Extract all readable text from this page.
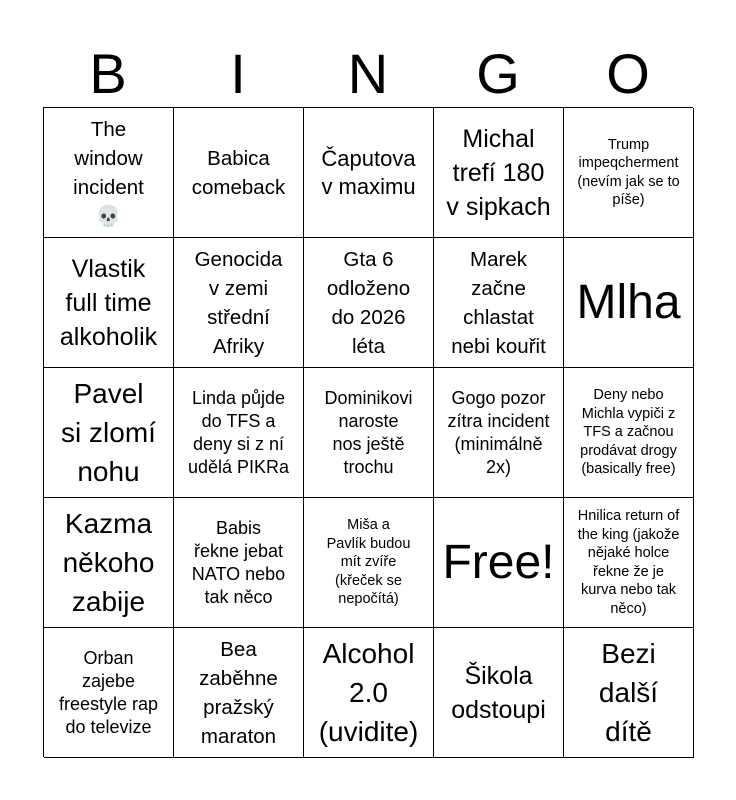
B	I	N	G	O
The
window
incident
💀
Babica
comeback
Čaputova
v maximu
Michal
trefí 180
v sipkach
Trump
impeqcherment
(nevím jak se to
píše)
Vlastik
full time
alkoholik
Genocida
v zemi
střední
Afriky
Gta 6
odloženo
do 2026
léta
Marek
začne
chlastat
nebi kouřit
Mlha
Pavel
si zlomí
nohu
Linda půjde
do TFS a
deny si z ní
udělá PIKRa
Dominikovi
naroste
nos ještě
trochu
Gogo pozor
zítra incident
(minimálně
2x)
Deny nebo
Michla vypiči z
TFS a začnou
prodávat drogy
(basically free)
Kazma
někoho
zabije
Babis
řekne jebat
NATO nebo
tak něco
Miša a
Pavlík budou
mít zvíře
(křeček se
nepočítá)
Free!
Hnilica return of
the king (jakože
nějaké holce
řekne že je
kurva nebo tak
něco)
Orban
zajebe
freestyle rap
do televize
Bea
zaběhne
pražský
maraton
Alcohol
2.0
(uvidite)
Šikola
odstoupi
Bezi
další
dítě
